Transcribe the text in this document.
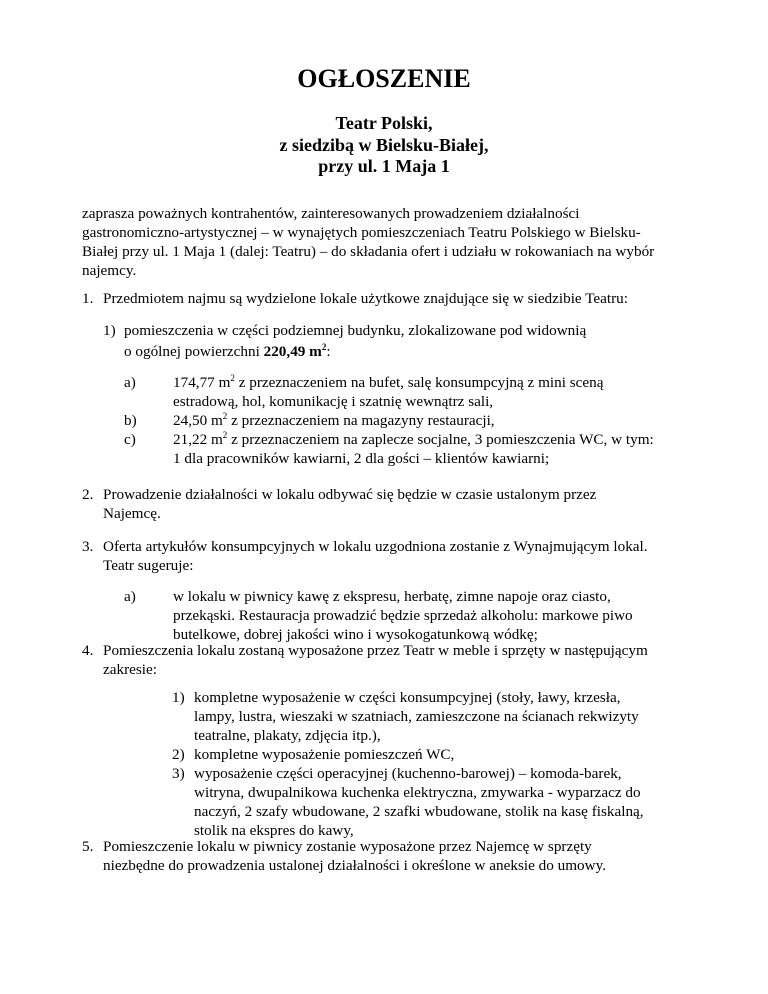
OGŁOSZENIE
Teatr Polski,
z siedzibą w Bielsku-Białej,
przy ul. 1 Maja 1
zaprasza poważnych kontrahentów, zainteresowanych prowadzeniem działalności
gastronomiczno-artystycznej – w wynajętych pomieszczeniach Teatru Polskiego w Bielsku-
Białej przy ul. 1 Maja 1 (dalej: Teatru) – do składania ofert i udziału w rokowaniach na wybór
najemcy.
1. Przedmiotem najmu są wydzielone lokale użytkowe znajdujące się w siedzibie Teatru:
1) pomieszczenia w części podziemnej budynku, zlokalizowane pod widownią
o ogólnej powierzchni 220,49 $m^2$:
a) 174,77 $m^2$ z przeznaczeniem na bufet, salę konsumpcyjną z mini sceną
estradową, hol, komunikację i szatnię wewnątrz sali,
b) 24,50 $m^2$ z przeznaczeniem na magazyny restauracji,
c) 21,22 $m^2$ z przeznaczeniem na zaplecze socjalne, 3 pomieszczenia WC, w tym:
1 dla pracowników kawiarni, 2 dla gości – klientów kawiarni;
2. Prowadzenie działalności w lokalu odbywać się będzie w czasie ustalonym przez
Najemcę.
3. Oferta artykułów konsumpcyjnych w lokalu uzgodniona zostanie z Wynajmującym lokal.
Teatr sugeruje:
a) w lokalu w piwnicy kawę z ekspresu, herbatę, zimne napoje oraz ciasto,
przekąski. Restauracja prowadzić będzie sprzedaż alkoholu: markowe piwo
butelkowe, dobrej jakości wino i wysokogatunkową wódkę;
4. Pomieszczenia lokalu zostaną wyposażone przez Teatr w meble i sprzęty w następującym
zakresie:
1) kompletne wyposażenie w części konsumpcyjnej (stoły, ławy, krzesła,
lampy, lustra, wieszaki w szatniach, zamieszczone na ścianach rekwizyty
teatralne, plakaty, zdjęcia itp.),
2) kompletne wyposażenie pomieszczeń WC,
3) wyposażenie części operacyjnej (kuchenno-barowej) – komoda-barek,
witryna, dwupalnikowa kuchenka elektryczna, zmywarka - wyparzacz do
naczyń, 2 szafy wbudowane, 2 szafki wbudowane, stolik na kasę fiskalną,
stolik na ekspres do kawy,
5. Pomieszczenie lokalu w piwnicy zostanie wyposażone przez Najemcę w sprzęty
niezbędne do prowadzenia ustalonej działalności i określone w aneksie do umowy.
